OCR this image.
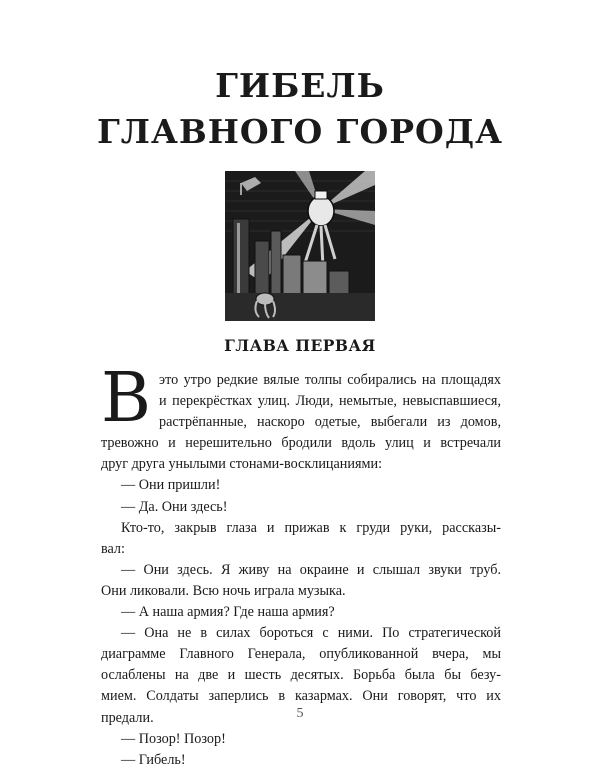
ГИБЕЛЬ
ГЛАВНОГО ГОРОДА
ГЛАВА ПЕРВАЯ
В это утро редкие вялые толпы собирались на площадях
и перекрёстках улиц. Люди, немытые, невыспавшиеся,
растрёпанные, наскоро одетые, выбегали из домов,
тревожно и нерешительно бродили вдоль улиц и встречали
друг друга унылыми стонами-восклицаниями:
— Они пришли!
— Да. Они здесь!
Кто-то, закрыв глаза и прижав к груди руки, рассказы-
вал:
— Они здесь. Я живу на окраине и слышал звуки труб.
Они ликовали. Всю ночь играла музыка.
— А наша армия? Где наша армия?
— Она не в силах бороться с ними. По стратегической
диаграмме Главного Генерала, опубликованной вчера, мы
ослаблены на две и шесть десятых. Борьба была бы безу-
мием. Солдаты заперлись в казармах. Они говорят, что их
предали.
— Позор! Позор!
— Гибель!
5
